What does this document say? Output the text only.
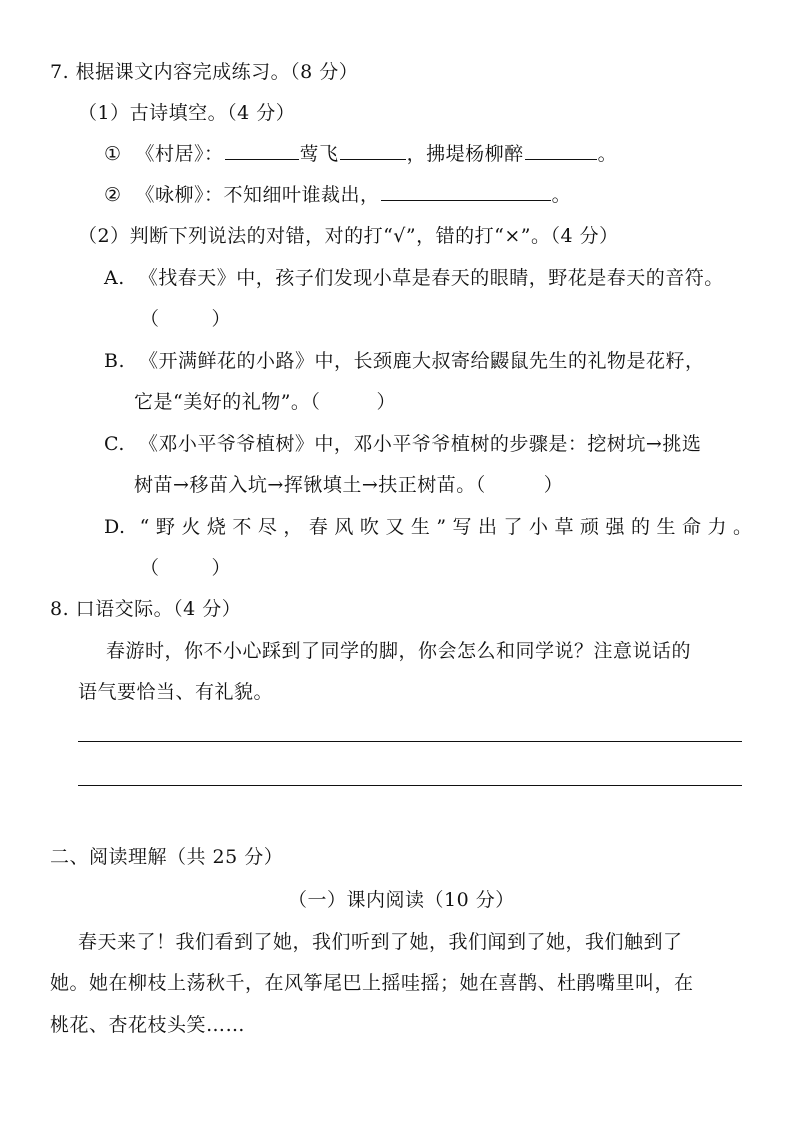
7. 根据课文内容完成练习。（8 分）
（1）古诗填空。（4 分）
① 《村居》：	莺飞	，拂堤杨柳醉	。
② 《咏柳》：不知细叶谁裁出，	。
（2）判断下列说法的对错，对的打“√”，错的打“×”。（4 分）
A. 《找春天》中，孩子们发现小草是春天的眼睛，野花是春天的音符。
（	）
B. 《开满鲜花的小路》中，长颈鹿大叔寄给鼹鼠先生的礼物是花籽，
它是“美好的礼物”。（	）
C. 《邓小平爷爷植树》中，邓小平爷爷植树的步骤是：挖树坑→挑选
树苗→移苗入坑→挥锹填土→扶正树苗。（	）
D. “野火烧不尽，春风吹又生”写出了小草顽强的生命力。
（	）
8. 口语交际。（4 分）
春游时，你不小心踩到了同学的脚，你会怎么和同学说？注意说话的
语气要恰当、有礼貌。
二、阅读理解（共 25 分）
（一）课内阅读（10 分）
春天来了！我们看到了她，我们听到了她，我们闻到了她，我们触到了
她。她在柳枝上荡秋千，在风筝尾巴上摇哇摇；她在喜鹊、杜鹃嘴里叫，在
桃花、杏花枝头笑……
